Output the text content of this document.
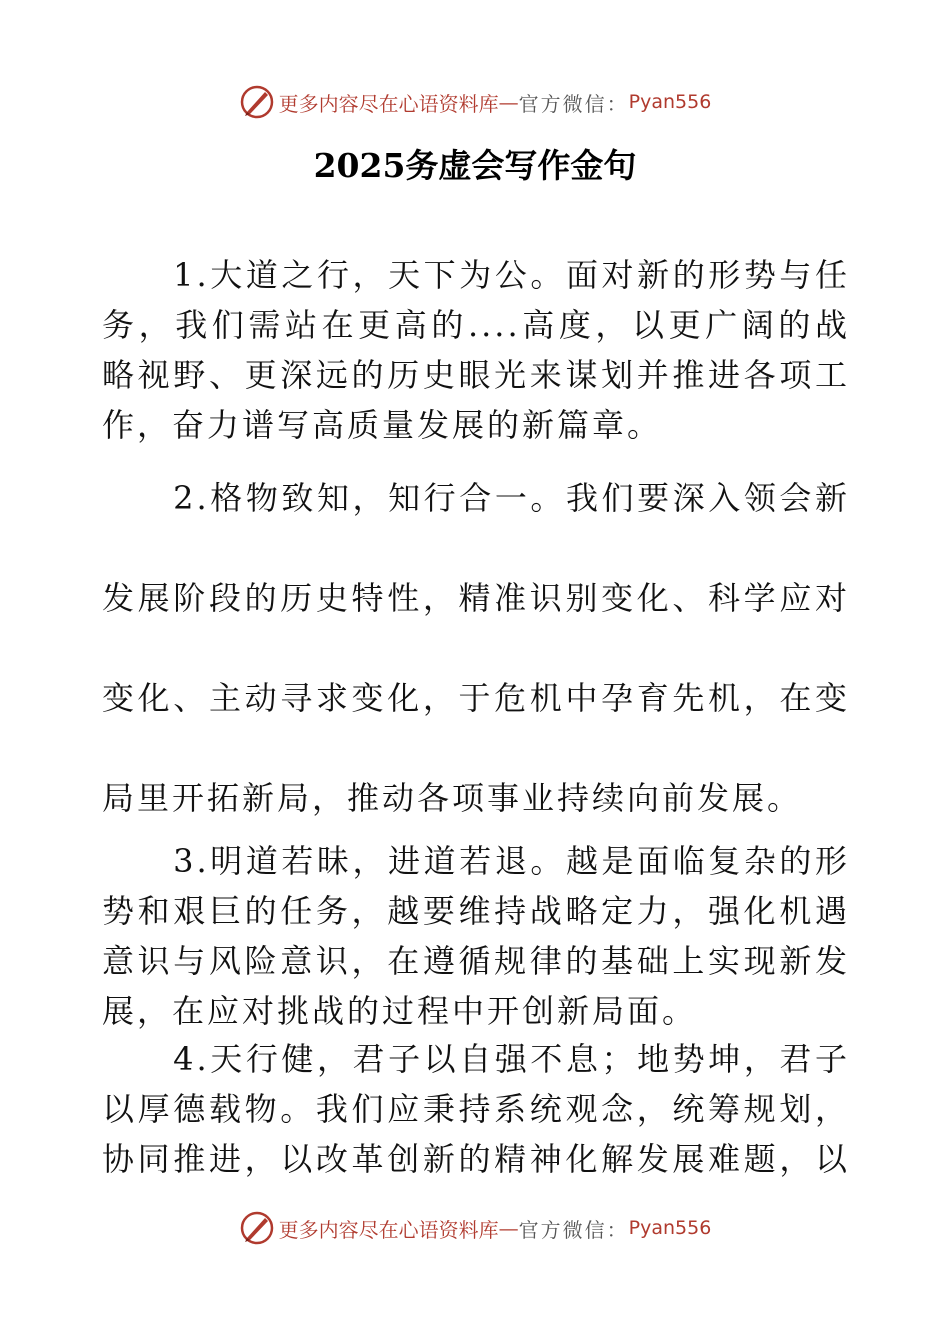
更多内容尽在心语资料库 — 官方微信： Pyan556
2025务虚会写作金句
　　1.大道之行，天下为公。面对新的形势与任
务，我们需站在更高的....高度，以更广阔的战
略视野、更深远的历史眼光来谋划并推进各项工
作，奋力谱写高质量发展的新篇章。
　　2.格物致知，知行合一。我们要深入领会新
发展阶段的历史特性，精准识别变化、科学应对
变化、主动寻求变化，于危机中孕育先机，在变
局里开拓新局，推动各项事业持续向前发展。
　　3.明道若昧，进道若退。越是面临复杂的形
势和艰巨的任务，越要维持战略定力，强化机遇
意识与风险意识，在遵循规律的基础上实现新发
展，在应对挑战的过程中开创新局面。
　　4.天行健，君子以自强不息；地势坤，君子
以厚德载物。我们应秉持系统观念，统筹规划，
协同推进，以改革创新的精神化解发展难题，以
更多内容尽在心语资料库 — 官方微信： Pyan556
